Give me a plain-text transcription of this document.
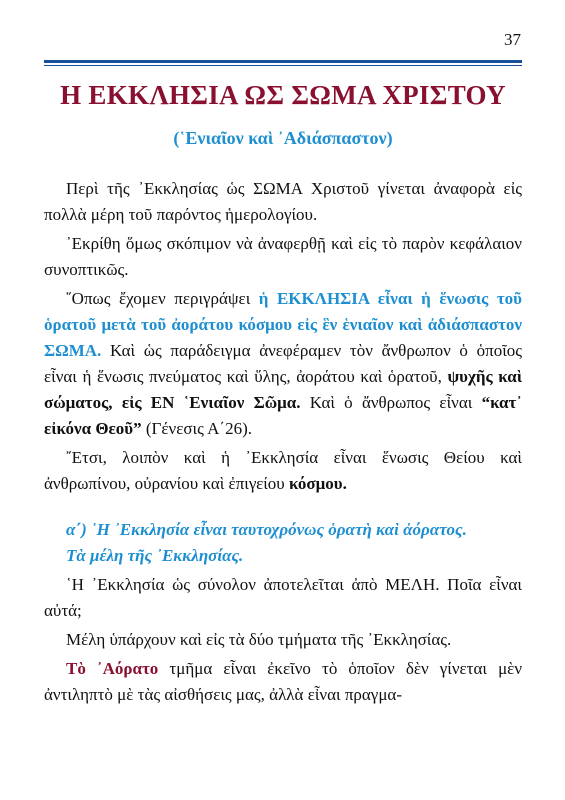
37
Η ΕΚΚΛΗΣΙΑ ΩΣ ΣΩΜΑ ΧΡΙΣΤΟΥ
(῾Ενιαῖον καὶ ᾿Αδιάσπαστον)

Περὶ τῆς ᾿Εκκλησίας ὡς ΣΩΜΑ Χριστοῦ γίνεται ἀναφορὰ εἰς πολλὰ μέρη τοῦ παρόντος ἡμερολογίου.

᾿Εκρίθη ὅμως σκόπιμον νὰ ἀναφερθῇ καὶ εἰς τὸ παρὸν κεφάλαιον συνοπτικῶς.

῞Οπως ἔχομεν περιγράψει ἡ ΕΚΚΛΗΣΙΑ εἶναι ἡ ἕνωσις τοῦ ὁρατοῦ μετὰ τοῦ ἀοράτου κόσμου εἰς ἓν ἑνιαῖον καὶ ἀδιάσπαστον ΣΩΜΑ. Καὶ ὡς παράδειγμα ἀνεφέραμεν τὸν ἄνθρωπον ὁ ὁποῖος εἶναι ἡ ἕνωσις πνεύματος καὶ ὕλης, ἀοράτου καὶ ὁρατοῦ, ψυχῆς καὶ σώματος, εἰς ΕΝ ῾Ενιαῖον Σῶμα. Καὶ ὁ ἄνθρωπος εἶναι “κατ᾿ εἰκόνα Θεοῦ” (Γένεσις Α΄26).

῎Ετσι, λοιπὸν καὶ ἡ ᾿Εκκλησία εἶναι ἕνωσις Θείου καὶ ἀνθρωπίνου, οὐρανίου καὶ ἐπιγείου κόσμου.

α΄) ῾Η ᾿Εκκλησία εἶναι ταυτοχρόνως ὁρατὴ καὶ ἀόρατος.

Τὰ μέλη τῆς ᾿Εκκλησίας.

῾Η ᾿Εκκλησία ὡς σύνολον ἀποτελεῖται ἀπὸ ΜΕΛΗ. Ποῖα εἶναι αὐτά;

Μέλη ὑπάρχουν καὶ εἰς τὰ δύο τμήματα τῆς ᾿Εκκλησίας.

Τὸ ᾿Αόρατο τμῆμα εἶναι ἐκεῖνο τὸ ὁποῖον δὲν γίνεται μὲν ἀντιληπτὸ μὲ τὰς αἰσθήσεις μας, ἀλλὰ εἶναι πραγμα-
